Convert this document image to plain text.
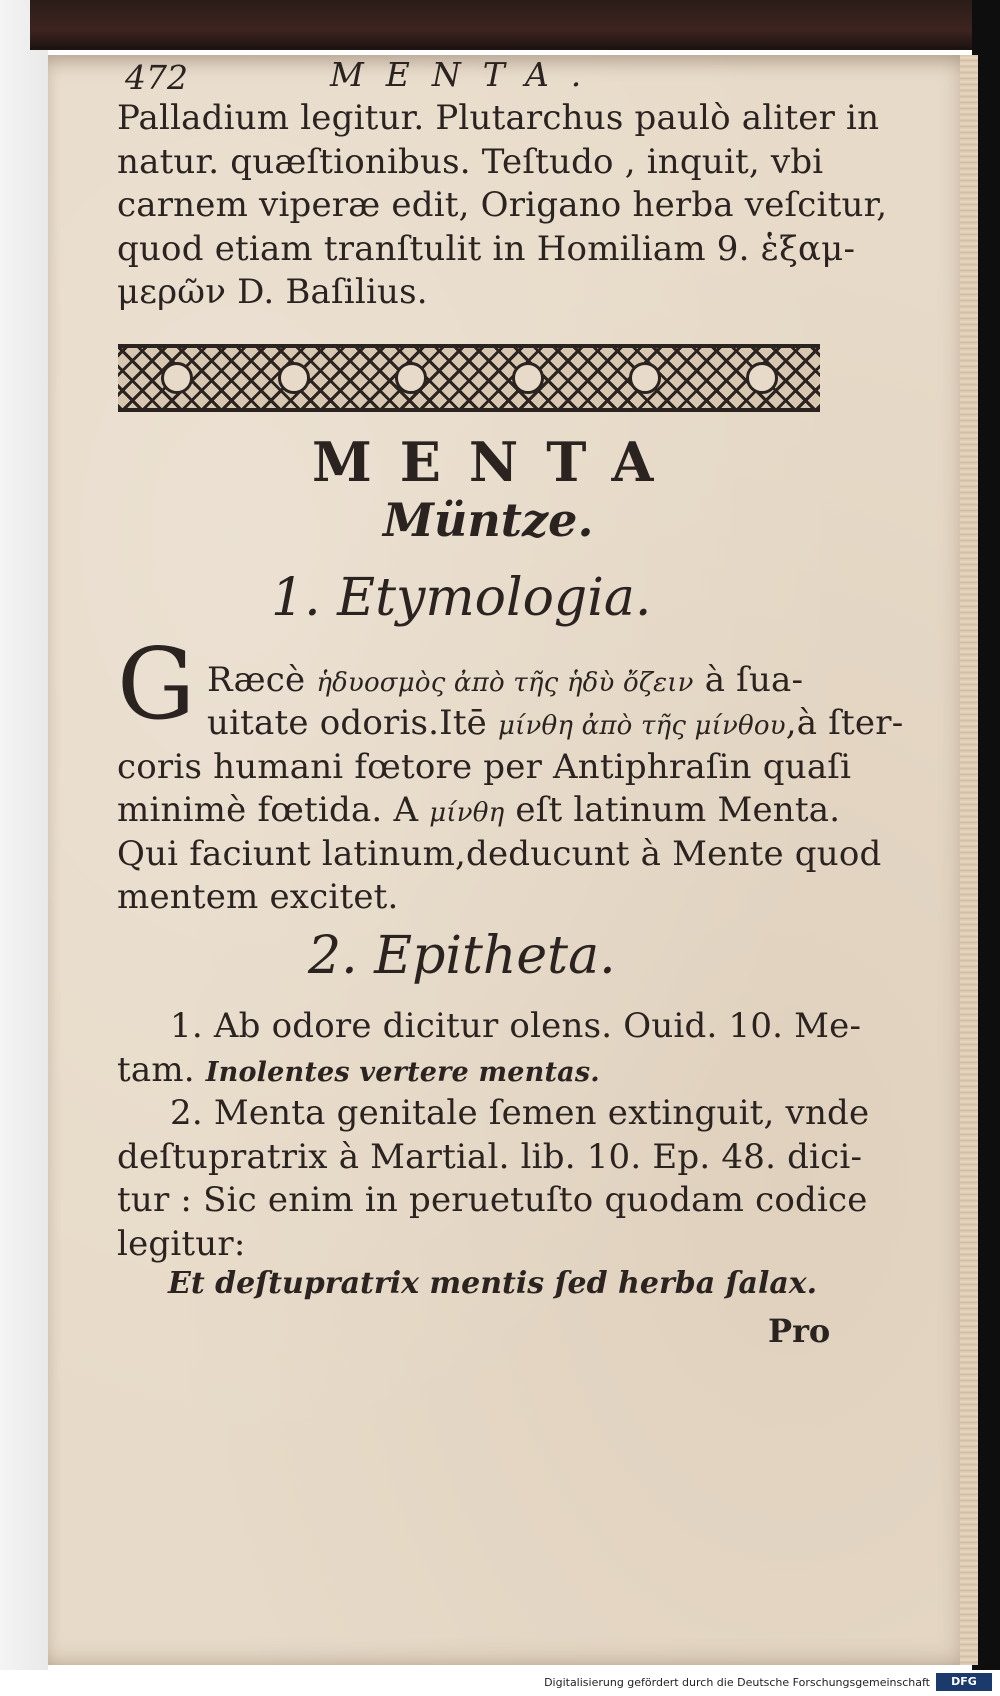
472	MENTA.
Palladium legitur. Plutarchus paulò aliter in
natur. quæſtionibus. Teſtudo , inquit, vbi
carnem viperæ edit, Origano herba veſcitur,
quod etiam tranſtulit in Homiliam 9. ἑξαμ-
μερῶν D. Baſilius.
MENTA
Müntze.
1. Etymologia.
G Ræcè ἡδυοσμὸς ἀπὸ τῆς ἡδὺ ὄζειν à ſua-
uitate odoris.Itē μίνθη ἀπὸ τῆς μίνθου,à ſter-
coris humani fœtore per Antiphraſin quaſi
minimè fœtida. A μίνθη eſt latinum Menta.
Qui faciunt latinum,deducunt à Mente quod
mentem excitet.
2. Epitheta.
1. Ab odore dicitur olens. Ouid. 10. Me-
tam. Inolentes vertere mentas.
2. Menta genitale ſemen extinguit, vnde
deſtupratrix à Martial. lib. 10. Ep. 48. dici-
tur : Sic enim in peruetuſto quodam codice
legitur:
Et deſtupratrix mentis ſed herba ſalax.
Pro
Digitalisierung gefördert durch die Deutsche Forschungsgemeinschaft	DFG
